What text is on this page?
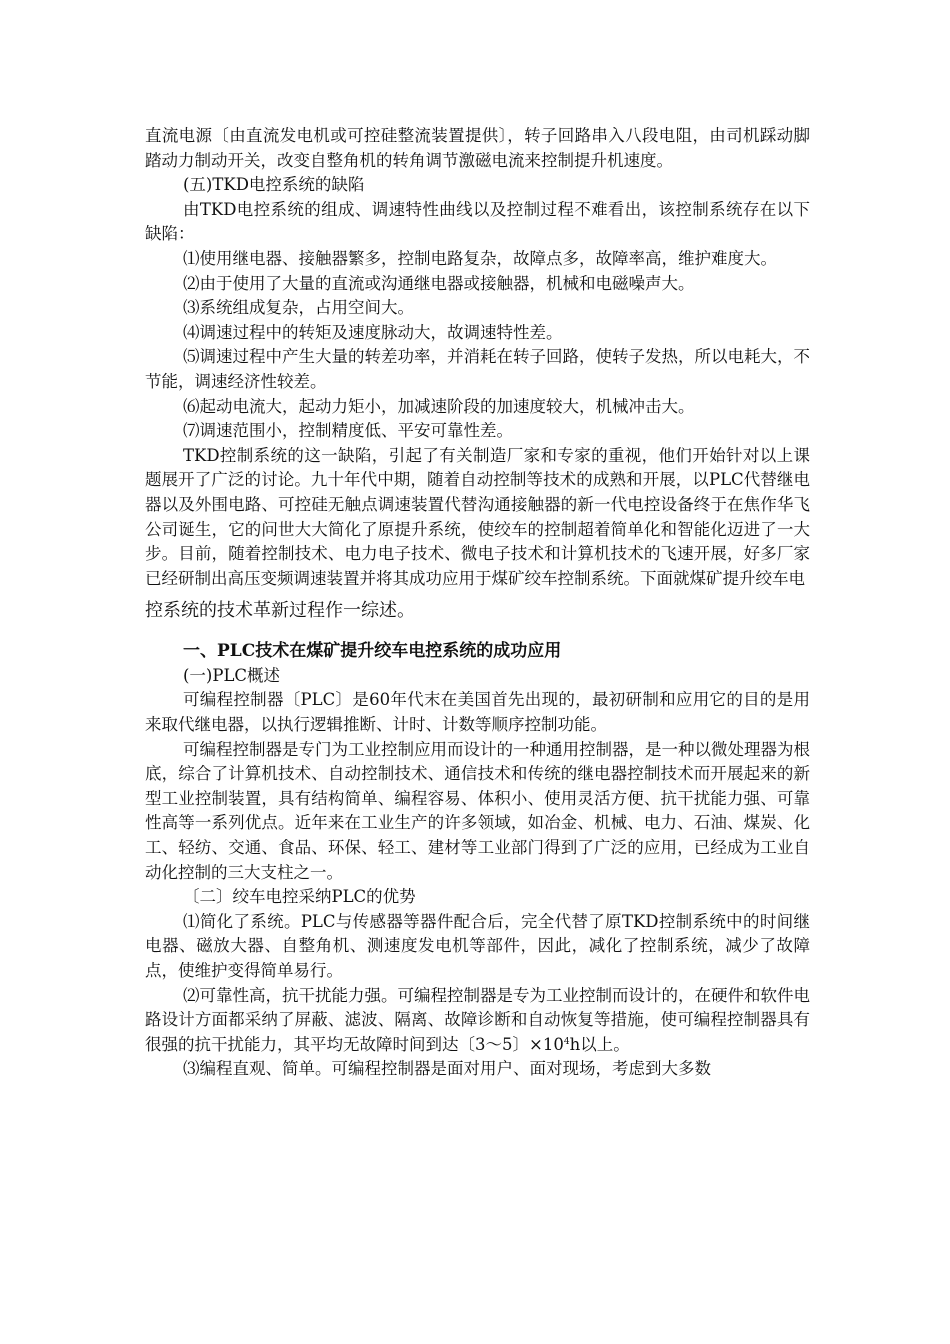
直流电源〔由直流发电机或可控硅整流装置提供〕，转子回路串入八段电阻，由司机踩动脚踏动力制动开关，改变自整角机的转角调节激磁电流来控制提升机速度。

(五)TKD电控系统的缺陷

由TKD电控系统的组成、调速特性曲线以及控制过程不难看出，该控制系统存在以下缺陷：

⑴使用继电器、接触器繁多，控制电路复杂，故障点多，故障率高，维护难度大。

⑵由于使用了大量的直流或沟通继电器或接触器，机械和电磁噪声大。

⑶系统组成复杂，占用空间大。

⑷调速过程中的转矩及速度脉动大，故调速特性差。

⑸调速过程中产生大量的转差功率，并消耗在转子回路，使转子发热，所以电耗大，不节能，调速经济性较差。

⑹起动电流大，起动力矩小，加减速阶段的加速度较大，机械冲击大。

⑺调速范围小，控制精度低、平安可靠性差。

TKD控制系统的这一缺陷，引起了有关制造厂家和专家的重视，他们开始针对以上课题展开了广泛的讨论。九十年代中期，随着自动控制等技术的成熟和开展，以PLC代替继电器以及外围电路、可控硅无触点调速装置代替沟通接触器的新一代电控设备终于在焦作华飞公司诞生，它的问世大大简化了原提升系统，使绞车的控制超着简单化和智能化迈进了一大步。目前，随着控制技术、电力电子技术、微电子技术和计算机技术的飞速开展，好多厂家已经研制出高压变频调速装置并将其成功应用于煤矿绞车控制系统。下面就煤矿提升绞车电

控系统的技术革新过程作一综述。

一、PLC技术在煤矿提升绞车电控系统的成功应用

(一)PLC概述

可编程控制器〔PLC〕是60年代末在美国首先出现的，最初研制和应用它的目的是用来取代继电器，以执行逻辑推断、计时、计数等顺序控制功能。

可编程控制器是专门为工业控制应用而设计的一种通用控制器，是一种以微处理器为根底，综合了计算机技术、自动控制技术、通信技术和传统的继电器控制技术而开展起来的新型工业控制装置，具有结构简单、编程容易、体积小、使用灵活方便、抗干扰能力强、可靠性高等一系列优点。近年来在工业生产的许多领域，如冶金、机械、电力、石油、煤炭、化工、轻纺、交通、食品、环保、轻工、建材等工业部门得到了广泛的应用，已经成为工业自动化控制的三大支柱之一。

〔二〕绞车电控采纳PLC的优势

⑴简化了系统。PLC与传感器等器件配合后，完全代替了原TKD控制系统中的时间继电器、磁放大器、自整角机、测速度发电机等部件，因此，减化了控制系统，减少了故障点，使维护变得简单易行。

⑵可靠性高，抗干扰能力强。可编程控制器是专为工业控制而设计的，在硬件和软件电路设计方面都采纳了屏蔽、滤波、隔离、故障诊断和自动恢复等措施，使可编程控制器具有很强的抗干扰能力，其平均无故障时间到达〔3～5〕$\times 10^4h$以上。

⑶编程直观、简单。可编程控制器是面对用户、面对现场，考虑到大多数
